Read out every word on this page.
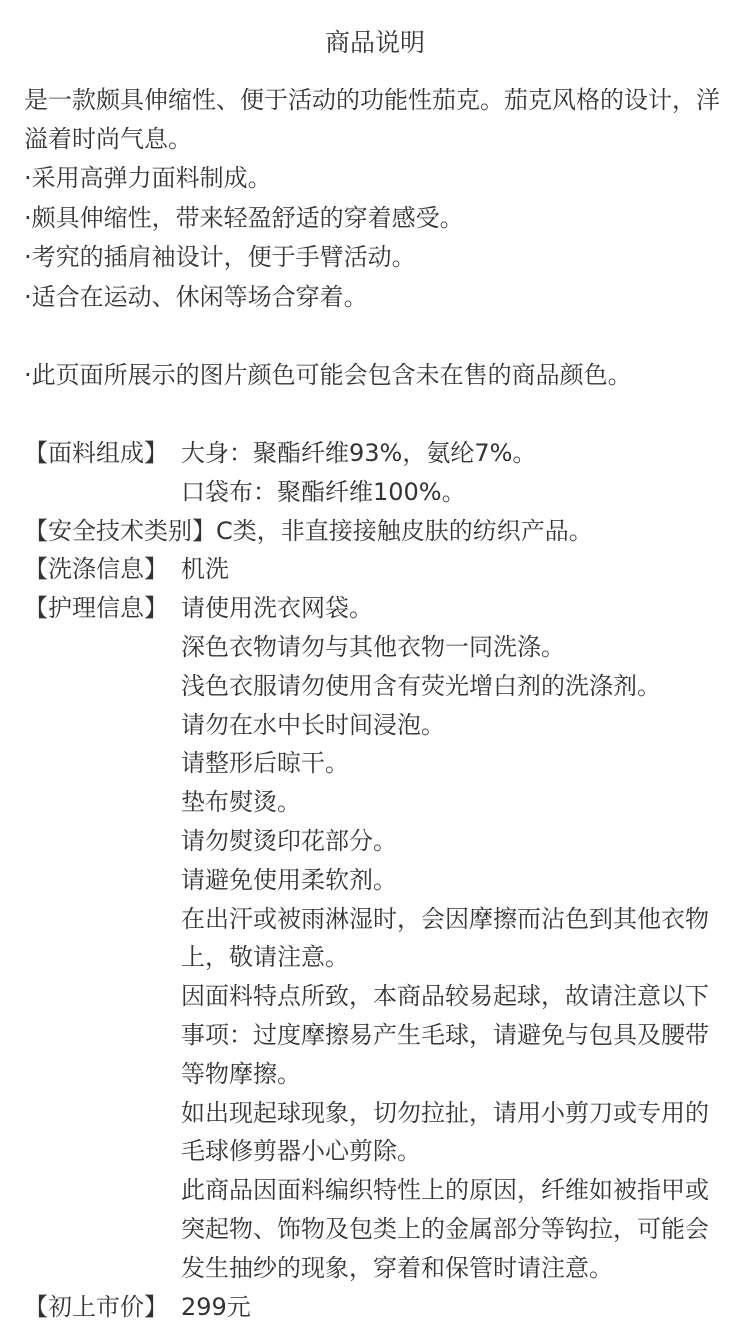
商品说明

是一款颇具伸缩性、便于活动的功能性茄克。茄克风格的设计，洋溢着时尚气息。

·采用高弹力面料制成。
·颇具伸缩性，带来轻盈舒适的穿着感受。
·考究的插肩袖设计，便于手臂活动。
·适合在运动、休闲等场合穿着。

·此页面所展示的图片颜色可能会包含未在售的商品颜色。

【面料组成】 大身：聚酯纤维93%，氨纶7%。
口袋布：聚酯纤维100%。
【安全技术类别】 C类，非直接接触皮肤的纺织产品。
【洗涤信息】 机洗
【护理信息】 请使用洗衣网袋。
深色衣物请勿与其他衣物一同洗涤。
浅色衣服请勿使用含有荧光增白剂的洗涤剂。
请勿在水中长时间浸泡。
请整形后晾干。
垫布熨烫。
请勿熨烫印花部分。
请避免使用柔软剂。
在出汗或被雨淋湿时，会因摩擦而沾色到其他衣物上，敬请注意。
因面料特点所致，本商品较易起球，故请注意以下事项：过度摩擦易产生毛球，请避免与包具及腰带等物摩擦。
如出现起球现象，切勿拉扯，请用小剪刀或专用的毛球修剪器小心剪除。
此商品因面料编织特性上的原因，纤维如被指甲或突起物、饰物及包类上的金属部分等钩拉，可能会发生抽纱的现象，穿着和保管时请注意。
【初上市价】 299元
